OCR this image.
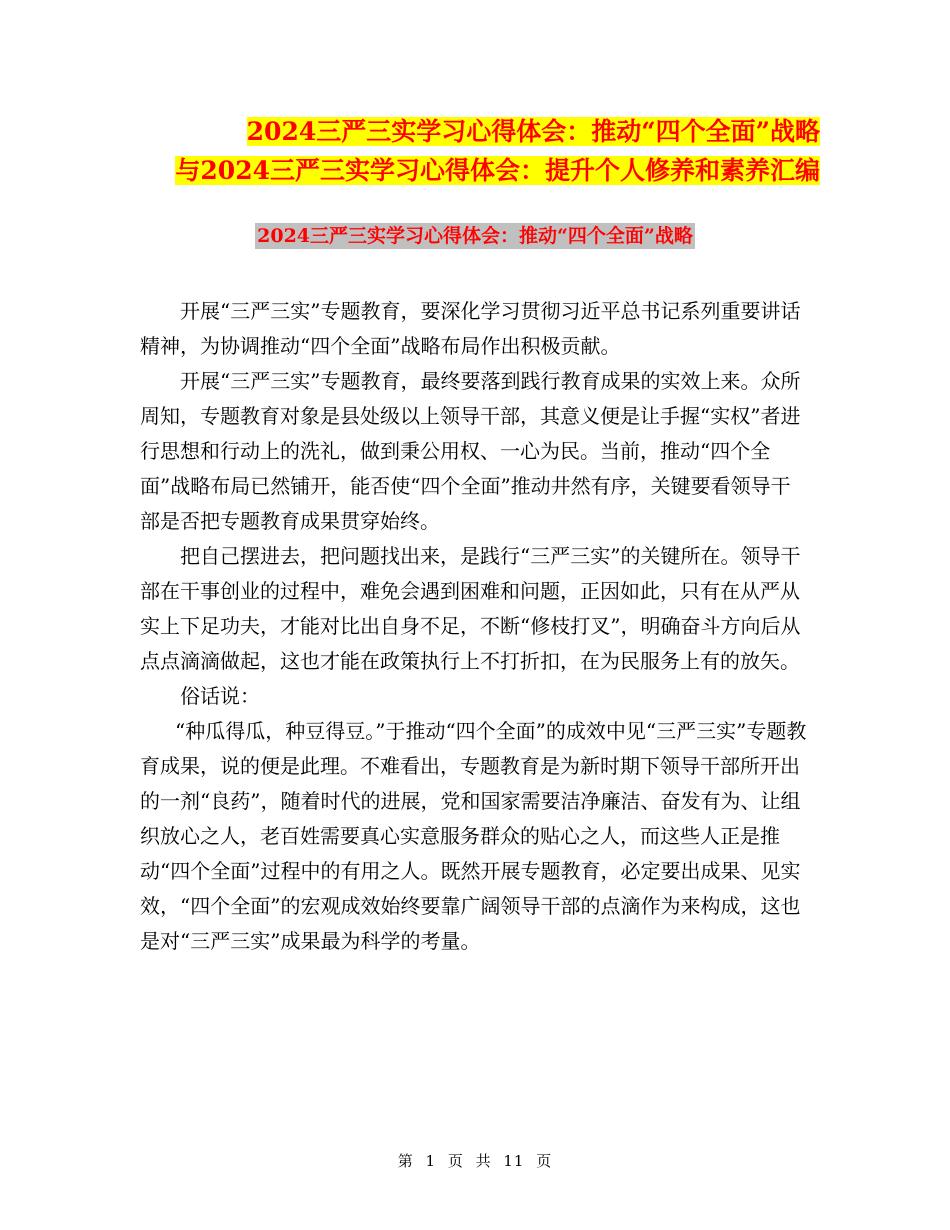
2024三严三实学习心得体会：推动“四个全面”战略
与2024三严三实学习心得体会：提升个人修养和素养汇编
2024三严三实学习心得体会：推动“四个全面”战略

开展“三严三实”专题教育，要深化学习贯彻习近平总书记系列重要讲话精神，为协调推动“四个全面”战略布局作出积极贡献。

开展“三严三实”专题教育，最终要落到践行教育成果的实效上来。众所周知，专题教育对象是县处级以上领导干部，其意义便是让手握“实权”者进行思想和行动上的洗礼，做到秉公用权、一心为民。当前，推动“四个全面”战略布局已然铺开，能否使“四个全面”推动井然有序，关键要看领导干部是否把专题教育成果贯穿始终。

把自己摆进去，把问题找出来，是践行“三严三实”的关键所在。领导干部在干事创业的过程中，难免会遇到困难和问题，正因如此，只有在从严从实上下足功夫，才能对比出自身不足，不断“修枝打叉”，明确奋斗方向后从点点滴滴做起，这也才能在政策执行上不打折扣，在为民服务上有的放矢。

俗话说：

“种瓜得瓜，种豆得豆。”于推动“四个全面”的成效中见“三严三实”专题教育成果，说的便是此理。不难看出，专题教育是为新时期下领导干部所开出的一剂“良药”，随着时代的进展，党和国家需要洁净廉洁、奋发有为、让组织放心之人，老百姓需要真心实意服务群众的贴心之人，而这些人正是推动“四个全面”过程中的有用之人。既然开展专题教育，必定要出成果、见实效，“四个全面”的宏观成效始终要靠广阔领导干部的点滴作为来构成，这也是对“三严三实”成果最为科学的考量。

第 1 页 共 11 页
